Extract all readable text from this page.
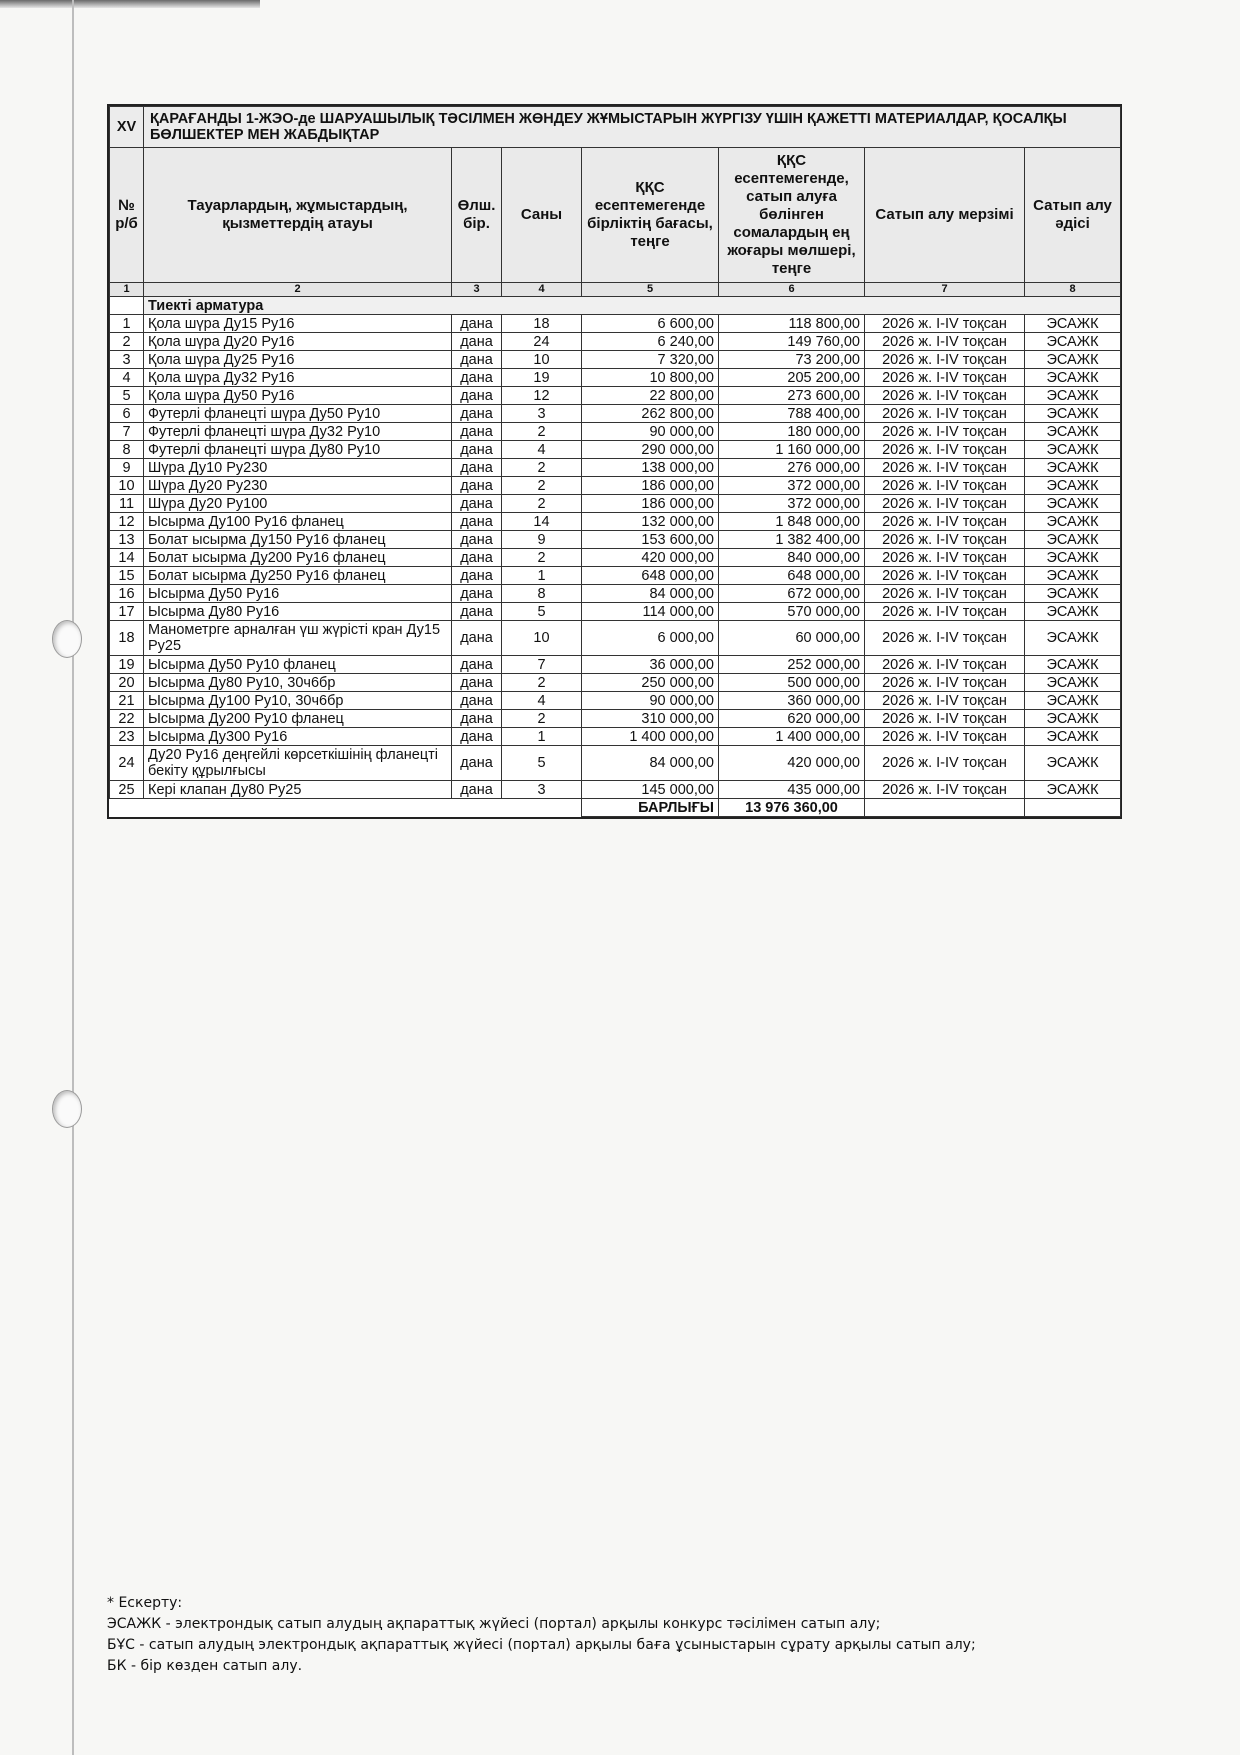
XV	ҚАРАҒАНДЫ 1-ЖЭО-де ШАРУАШЫЛЫҚ ТӘСІЛМЕН ЖӨНДЕУ ЖҰМЫСТАРЫН ЖҮРГІЗУ ҮШІН ҚАЖЕТТІ МАТЕРИАЛДАР, ҚОСАЛҚЫ БӨЛШЕКТЕР МЕН ЖАБДЫҚТАР						
№ р/б	Тауарлардың, жұмыстардың, қызметтердің атауы	Өлш. бір.	Саны	ҚҚС есептемегенде бірліктің бағасы, теңге	ҚҚС есептемегенде, сатып алуға бөлінген сомалардың ең жоғары мөлшері, теңге	Сатып алу мерзімі	Сатып алу әдісі
1	2	3	4	5	6	7	8
	Тиекті арматура						
1	Қола шүра Ду15 Ру16	дана	18	6 600,00	118 800,00	2026 ж. I-IV тоқсан	ЭСАЖК
2	Қола шүра Ду20 Ру16	дана	24	6 240,00	149 760,00	2026 ж. I-IV тоқсан	ЭСАЖК
3	Қола шүра Ду25 Ру16	дана	10	7 320,00	73 200,00	2026 ж. I-IV тоқсан	ЭСАЖК
4	Қола шүра Ду32 Ру16	дана	19	10 800,00	205 200,00	2026 ж. I-IV тоқсан	ЭСАЖК
5	Қола шүра Ду50 Ру16	дана	12	22 800,00	273 600,00	2026 ж. I-IV тоқсан	ЭСАЖК
6	Футерлі фланецті шүра Ду50 Ру10	дана	3	262 800,00	788 400,00	2026 ж. I-IV тоқсан	ЭСАЖК
7	Футерлі фланецті шүра Ду32 Ру10	дана	2	90 000,00	180 000,00	2026 ж. I-IV тоқсан	ЭСАЖК
8	Футерлі фланецті шүра Ду80 Ру10	дана	4	290 000,00	1 160 000,00	2026 ж. I-IV тоқсан	ЭСАЖК
9	Шүра Ду10 Ру230	дана	2	138 000,00	276 000,00	2026 ж. I-IV тоқсан	ЭСАЖК
10	Шүра Ду20 Ру230	дана	2	186 000,00	372 000,00	2026 ж. I-IV тоқсан	ЭСАЖК
11	Шүра Ду20 Ру100	дана	2	186 000,00	372 000,00	2026 ж. I-IV тоқсан	ЭСАЖК
12	Ысырма Ду100 Ру16 фланец	дана	14	132 000,00	1 848 000,00	2026 ж. I-IV тоқсан	ЭСАЖК
13	Болат ысырма Ду150 Ру16 фланец	дана	9	153 600,00	1 382 400,00	2026 ж. I-IV тоқсан	ЭСАЖК
14	Болат ысырма Ду200 Ру16 фланец	дана	2	420 000,00	840 000,00	2026 ж. I-IV тоқсан	ЭСАЖК
15	Болат ысырма Ду250 Ру16 фланец	дана	1	648 000,00	648 000,00	2026 ж. I-IV тоқсан	ЭСАЖК
16	Ысырма Ду50 Ру16	дана	8	84 000,00	672 000,00	2026 ж. I-IV тоқсан	ЭСАЖК
17	Ысырма Ду80 Ру16	дана	5	114 000,00	570 000,00	2026 ж. I-IV тоқсан	ЭСАЖК
18	Манометрге арналған үш жүрісті кран Ду15 Ру25	дана	10	6 000,00	60 000,00	2026 ж. I-IV тоқсан	ЭСАЖК
19	Ысырма Ду50 Ру10 фланец	дана	7	36 000,00	252 000,00	2026 ж. I-IV тоқсан	ЭСАЖК
20	Ысырма Ду80 Ру10, 30ч6бр	дана	2	250 000,00	500 000,00	2026 ж. I-IV тоқсан	ЭСАЖК
21	Ысырма Ду100 Ру10, 30ч6бр	дана	4	90 000,00	360 000,00	2026 ж. I-IV тоқсан	ЭСАЖК
22	Ысырма Ду200 Ру10 фланец	дана	2	310 000,00	620 000,00	2026 ж. I-IV тоқсан	ЭСАЖК
23	Ысырма Ду300 Ру16	дана	1	1 400 000,00	1 400 000,00	2026 ж. I-IV тоқсан	ЭСАЖК
24	Ду20 Ру16 деңгейлі көрсеткішінің фланецті бекіту құрылғысы	дана	5	84 000,00	420 000,00	2026 ж. I-IV тоқсан	ЭСАЖК
25	Кері клапан Ду80 Ру25	дана	3	145 000,00	435 000,00	2026 ж. I-IV тоқсан	ЭСАЖК
				БАРЛЫҒЫ	13 976 360,00		
* Ескерту:
ЭСАЖК - электрондық сатып алудың ақпараттық жүйесі (портал) арқылы конкурс тәсілімен сатып алу;
БҰС - сатып алудың электрондық ақпараттық жүйесі (портал) арқылы баға ұсыныстарын сұрату арқылы сатып алу;
БК - бір көзден сатып алу.
